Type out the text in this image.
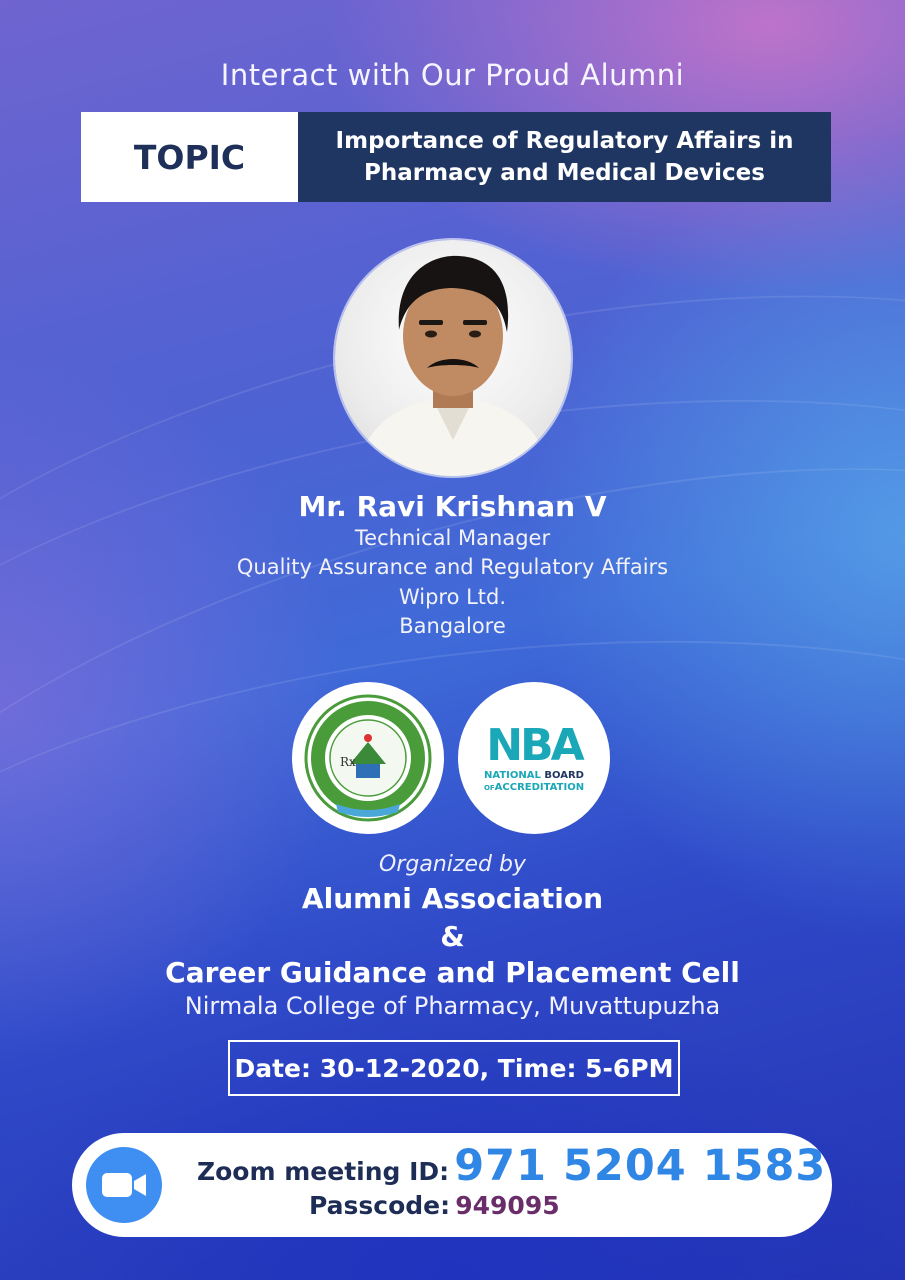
Interact with Our Proud Alumni
TOPIC	Importance of Regulatory Affairs in
Pharmacy and Medical Devices
Mr. Ravi Krishnan V
Technical Manager
Quality Assurance and Regulatory Affairs
Wipro Ltd.
Bangalore
Rx	NBA
NATIONAL BOARD
OFACCREDITATION
Organized by
Alumni Association
&
Career Guidance and Placement Cell
Nirmala College of Pharmacy, Muvattupuzha
Date: 30-12-2020, Time: 5-6PM
Zoom meeting ID: 971 5204 1583
Passcode: 949095
